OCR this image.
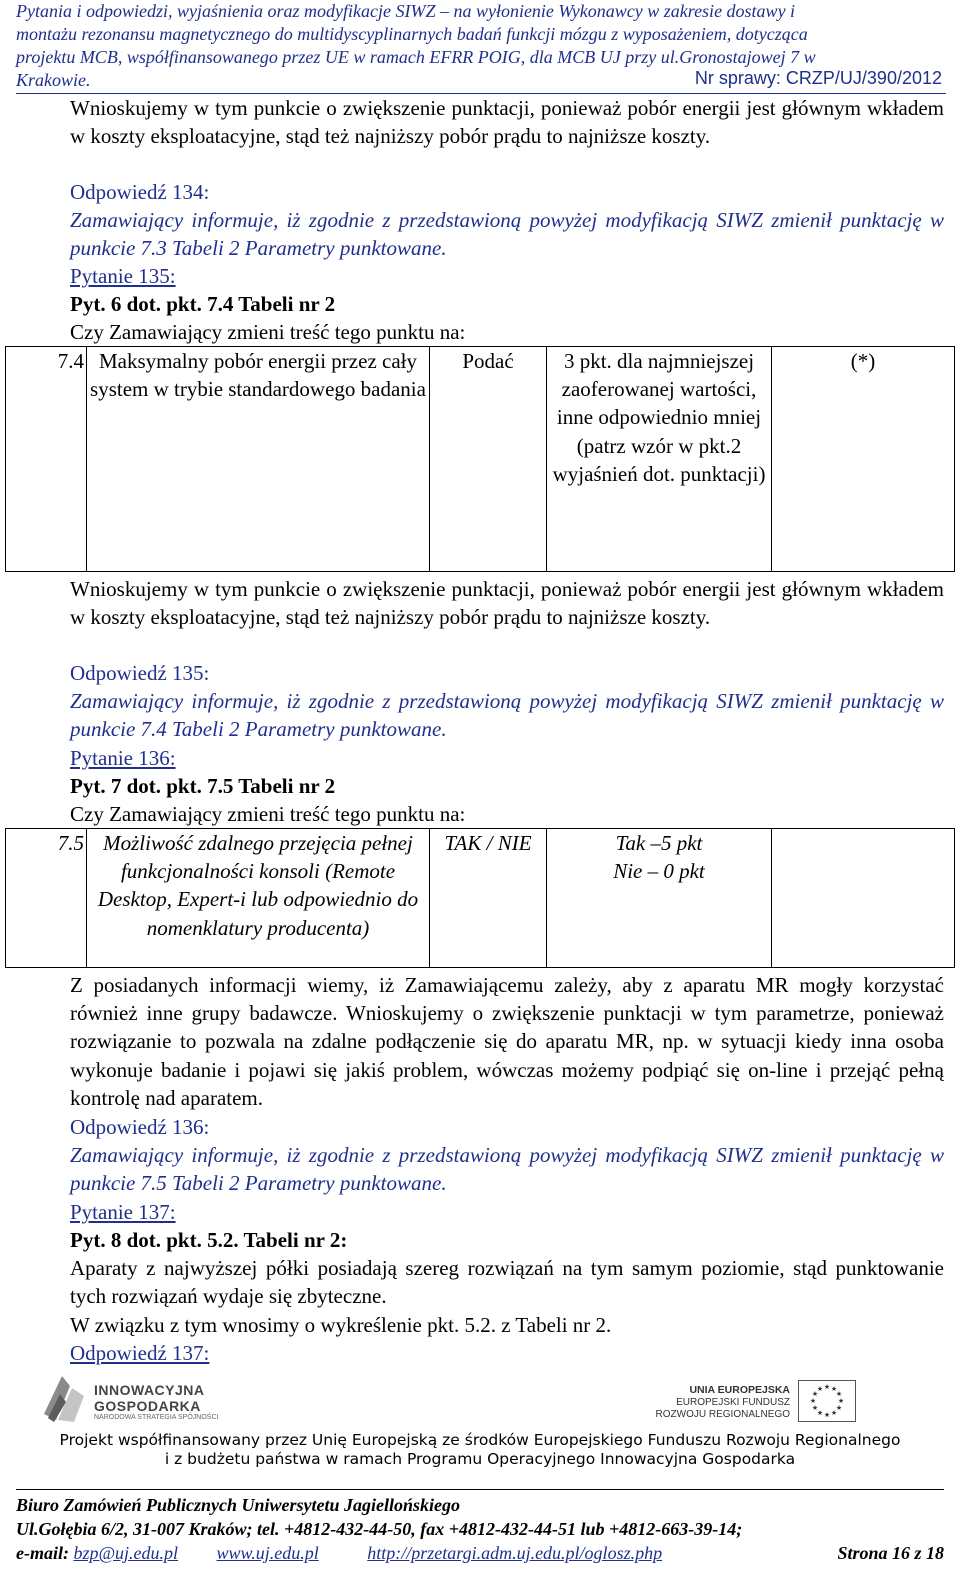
Pytania i odpowiedzi, wyjaśnienia oraz modyfikacje SIWZ – na wyłonienie Wykonawcy w zakresie dostawy i
montażu rezonansu magnetycznego do multidyscyplinarnych badań funkcji mózgu z wyposażeniem, dotycząca
projektu MCB, współfinansowanego przez UE w ramach EFRR POIG, dla MCB UJ przy ul.Gronostajowej 7 w
Krakowie.	Nr sprawy: CRZP/UJ/390/2012
Wnioskujemy w tym punkcie o zwiększenie punktacji, ponieważ pobór energii jest głównym wkładem w koszty eksploatacyjne, stąd też najniższy pobór prądu to najniższe koszty.
Odpowiedź 134:
Zamawiający informuje, iż zgodnie z przedstawioną powyżej modyfikacją SIWZ zmienił punktację w punkcie 7.3 Tabeli 2 Parametry punktowane.
Pytanie 135:
Pyt. 6 dot. pkt. 7.4 Tabeli nr 2
Czy Zamawiający zmieni treść tego punktu na:
7.4	Maksymalny pobór energii przez cały system w trybie standardowego badania	Podać	3 pkt. dla najmniejszej zaoferowanej wartości, inne odpowiednio mniej (patrz wzór w pkt.2 wyjaśnień dot. punktacji)	(*)
Wnioskujemy w tym punkcie o zwiększenie punktacji, ponieważ pobór energii jest głównym wkładem w koszty eksploatacyjne, stąd też najniższy pobór prądu to najniższe koszty.
Odpowiedź 135:
Zamawiający informuje, iż zgodnie z przedstawioną powyżej modyfikacją SIWZ zmienił punktację w punkcie 7.4 Tabeli 2 Parametry punktowane.
Pytanie 136:
Pyt. 7 dot. pkt. 7.5 Tabeli nr 2
Czy Zamawiający zmieni treść tego punktu na:
7.5	Możliwość zdalnego przejęcia pełnej funkcjonalności konsoli (Remote Desktop, Expert-i lub odpowiednio do nomenklatury producenta)	TAK / NIE	Tak –5 pkt
Nie – 0 pkt

Z posiadanych informacji wiemy, iż Zamawiającemu zależy, aby z aparatu MR mogły korzystać również inne grupy badawcze. Wnioskujemy o zwiększenie punktacji w tym parametrze, ponieważ rozwiązanie to pozwala na zdalne podłączenie się do aparatu MR, np. w sytuacji kiedy inna osoba wykonuje badanie i pojawi się jakiś problem, wówczas możemy podpiąć się on-line i przejąć pełną kontrolę nad aparatem.
Odpowiedź 136:
Zamawiający informuje, iż zgodnie z przedstawioną powyżej modyfikacją SIWZ zmienił punktację w punkcie 7.5 Tabeli 2 Parametry punktowane.
Pytanie 137:
Pyt. 8 dot. pkt. 5.2. Tabeli nr 2:
Aparaty z najwyższej półki posiadają szereg rozwiązań na tym samym poziomie, stąd punktowanie tych rozwiązań wydaje się zbyteczne.
W związku z tym wnosimy o wykreślenie pkt. 5.2. z Tabeli nr 2.
Odpowiedź 137:
INNOWACYJNA
GOSPODARKA
NARODOWA STRATEGIA SPÓJNOŚCI
UNIA EUROPEJSKA
EUROPEJSKI FUNDUSZ
ROZWOJU REGIONALNEGO
★ ★
★
★
★
★
★
★
★
★
★
★
Projekt współfinansowany przez Unię Europejską ze środków Europejskiego Funduszu Rozwoju Regionalnego
i z budżetu państwa w ramach Programu Operacyjnego Innowacyjna Gospodarka
Biuro Zamówień Publicznych Uniwersytetu Jagiellońskiego
Ul.Gołębia 6/2, 31-007 Kraków; tel. +4812-432-44-50, fax +4812-432-44-51 lub +4812-663-39-14;
e-mail: bzp@uj.edu.pl www.uj.edu.pl	http://przetargi.adm.uj.edu.pl/oglosz.php	Strona 16 z 18
